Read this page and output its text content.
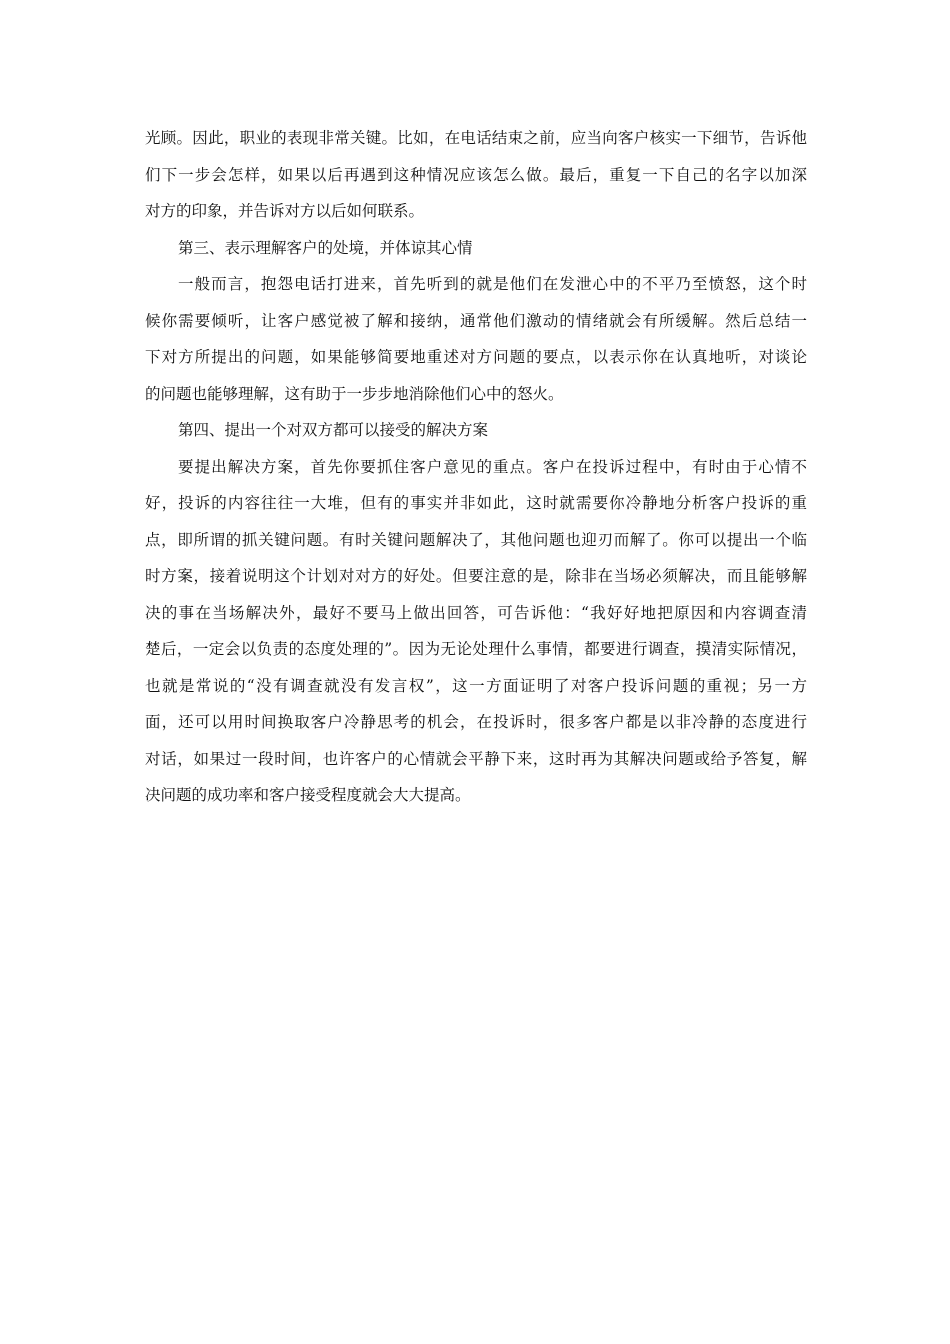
光顾。因此，职业的表现非常关键。比如，在电话结束之前，应当向客户核实一下细节，告诉他
们下一步会怎样，如果以后再遇到这种情况应该怎么做。最后，重复一下自己的名字以加深
对方的印象，并告诉对方以后如何联系。
第三、表示理解客户的处境，并体谅其心情
一般而言，抱怨电话打进来，首先听到的就是他们在发泄心中的不平乃至愤怒，这个时
候你需要倾听，让客户感觉被了解和接纳，通常他们激动的情绪就会有所缓解。然后总结一
下对方所提出的问题，如果能够简要地重述对方问题的要点，以表示你在认真地听，对谈论
的问题也能够理解，这有助于一步步地消除他们心中的怒火。
第四、提出一个对双方都可以接受的解决方案
要提出解决方案，首先你要抓住客户意见的重点。客户在投诉过程中，有时由于心情不
好，投诉的内容往往一大堆，但有的事实并非如此，这时就需要你冷静地分析客户投诉的重
点，即所谓的抓关键问题。有时关键问题解决了，其他问题也迎刃而解了。你可以提出一个临
时方案，接着说明这个计划对对方的好处。但要注意的是，除非在当场必须解决，而且能够解
决的事在当场解决外，最好不要马上做出回答，可告诉他：“我好好地把原因和内容调查清
楚后，一定会以负责的态度处理的”。因为无论处理什么事情，都要进行调查，摸清实际情况，
也就是常说的“没有调查就没有发言权”，这一方面证明了对客户投诉问题的重视；另一方
面，还可以用时间换取客户冷静思考的机会，在投诉时，很多客户都是以非冷静的态度进行
对话，如果过一段时间，也许客户的心情就会平静下来，这时再为其解决问题或给予答复，解
决问题的成功率和客户接受程度就会大大提高。
